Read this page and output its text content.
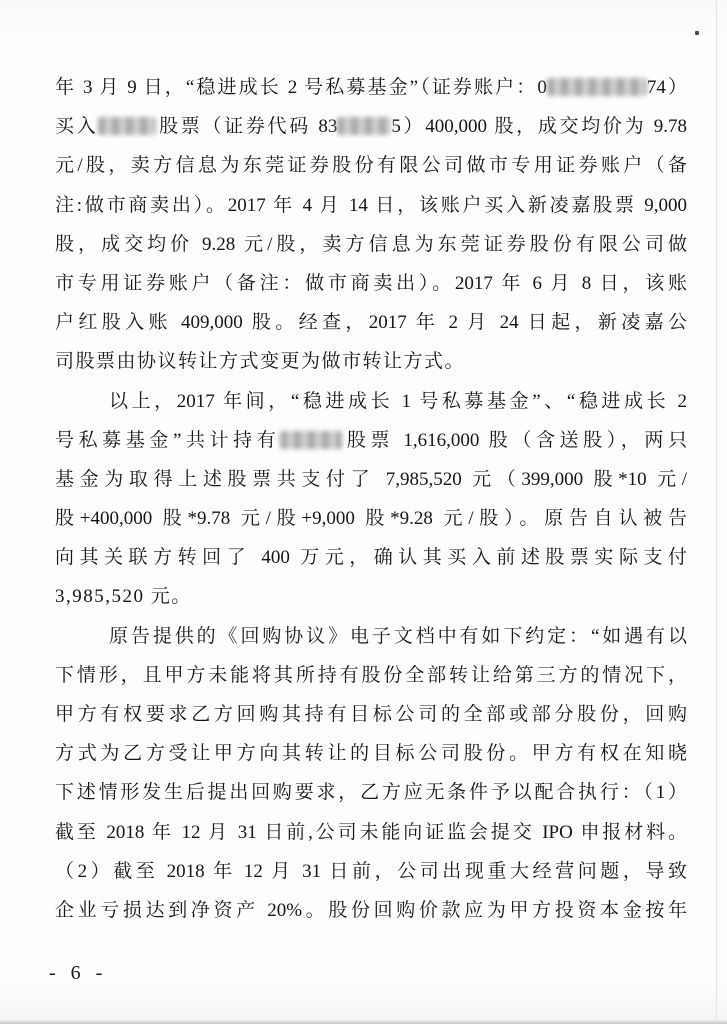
年 3 月 9 日，“稳进成长 2 号私募基金”（证券账户：0	74）
买入	股票（证券代码 83	5）400,000 股，成交均价为 9.78
元/股，卖方信息为东莞证券股份有限公司做市专用证券账户（备
注:做市商卖出）。2017 年 4 月 14 日，该账户买入新凌嘉股票 9,000
股，成交均价 9.28 元/股，卖方信息为东莞证券股份有限公司做
市专用证券账户（备注：做市商卖出）。2017 年 6 月 8 日，该账
户红股入账 409,000 股。经查，2017 年 2 月 24 日起，新凌嘉公
司股票由协议转让方式变更为做市转让方式。
以上，2017 年间，“稳进成长 1 号私募基金”、“稳进成长 2
号私募基金”共计持有	股票 1,616,000 股（含送股），两只
基金为取得上述股票共支付了 7,985,520 元（399,000 股*10 元/
股+400,000 股*9.78 元/股+9,000 股*9.28 元/股）。原告自认被告
向其关联方转回了 400 万元，确认其买入前述股票实际支付
3,985,520 元。
原告提供的《回购协议》电子文档中有如下约定：“如遇有以
下情形，且甲方未能将其所持有股份全部转让给第三方的情况下，
甲方有权要求乙方回购其持有目标公司的全部或部分股份，回购
方式为乙方受让甲方向其转让的目标公司股份。甲方有权在知晓
下述情形发生后提出回购要求，乙方应无条件予以配合执行：（1）
截至 2018 年 12 月 31 日前,公司未能向证监会提交 IPO 申报材料。
（2）截至 2018 年 12 月 31 日前，公司出现重大经营问题，导致
企业亏损达到净资产 20%。股份回购价款应为甲方投资本金按年
- 6 -
